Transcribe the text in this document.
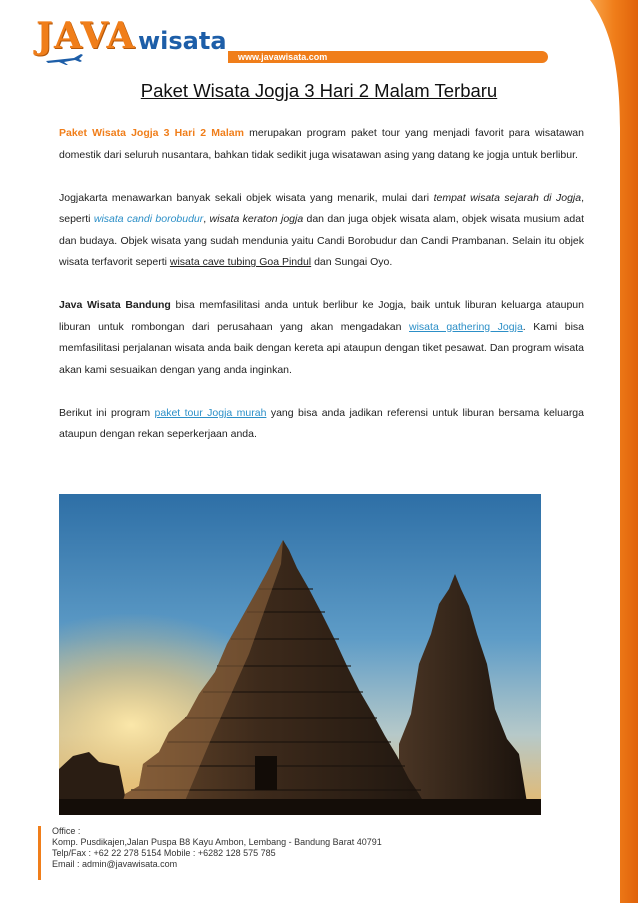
JAVA wisata
www.javawisata.com
Paket Wisata Jogja 3 Hari 2 Malam Terbaru

Paket Wisata Jogja 3 Hari 2 Malam merupakan program paket tour yang menjadi favorit para wisatawan domestik dari seluruh nusantara, bahkan tidak sedikit juga wisatawan asing yang datang ke jogja untuk berlibur.

Jogjakarta menawarkan banyak sekali objek wisata yang menarik, mulai dari tempat wisata sejarah di Jogja, seperti wisata candi borobudur, wisata keraton jogja dan dan juga objek wisata alam, objek wisata musium adat dan budaya. Objek wisata yang sudah mendunia yaitu Candi Borobudur dan Candi Prambanan. Selain itu objek wisata terfavorit seperti wisata cave tubing Goa Pindul dan Sungai Oyo.

Java Wisata Bandung bisa memfasilitasi anda untuk berlibur ke Jogja, baik untuk liburan keluarga ataupun liburan untuk rombongan dari perusahaan yang akan mengadakan wisata gathering Jogja. Kami bisa memfasilitasi perjalanan wisata anda baik dengan kereta api ataupun dengan tiket pesawat. Dan program wisata akan kami sesuaikan dengan yang anda inginkan.

Berikut ini program paket tour Jogja murah yang bisa anda jadikan referensi untuk liburan bersama keluarga ataupun dengan rekan seperkerjaan anda.

Office :
Komp. Pusdikajen,Jalan Puspa B8 Kayu Ambon, Lembang - Bandung Barat 40791
Telp/Fax : +62 22 278 5154 Mobile : +6282 128 575 785
Email : admin@javawisata.com
